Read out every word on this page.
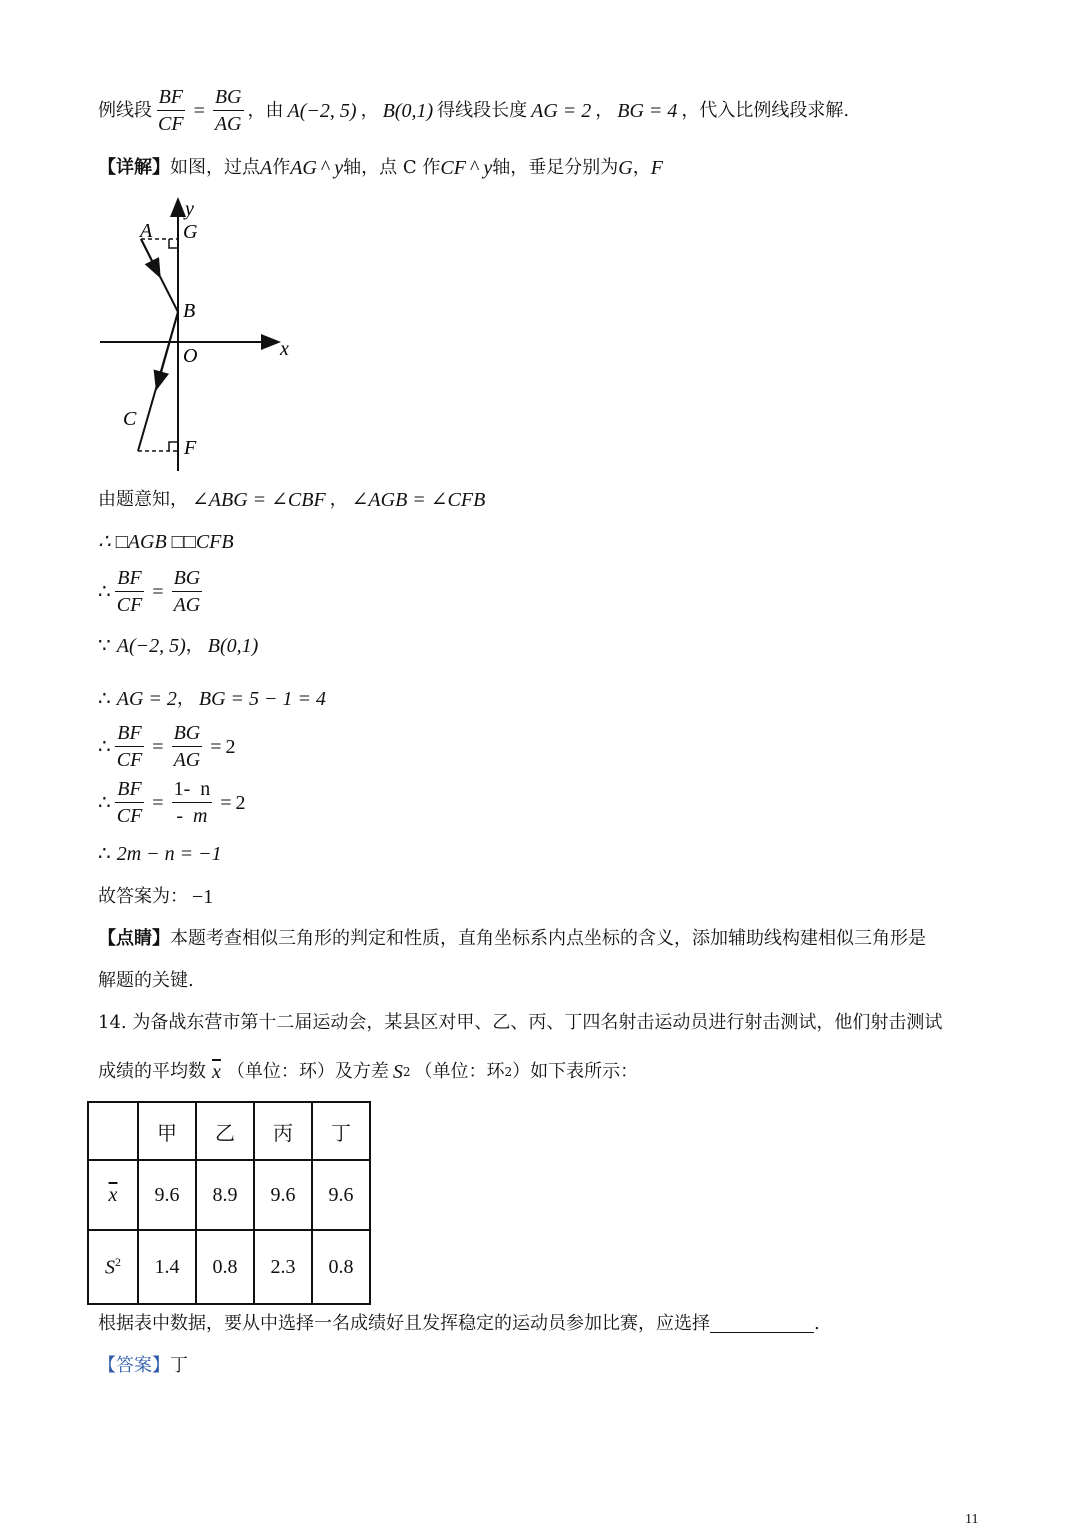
例线段 $\frac{BF}{CF} = \frac{BG}{AG}$ ，由 A(−2, 5) ， B(0,1) 得线段长度 AG = 2 ， BG = 4 ，代入比例线段求解.
【详解】 如图，过点 A 作 AG ^ y 轴，点 C 作 CF ^ y 轴，垂足分别为 G ， F
y
A G
B
x
O
C
F
由题意知， ∠ABG = ∠CBF ， ∠AGB = ∠CFB
∴ □AGB □□CFB
∴ $\frac{BF}{CF} = \frac{BG}{AG}$
∵ A(−2, 5) ， B(0,1)
∴ AG = 2 ， BG = 5 − 1 = 4
∴ $\frac{BF}{CF} = \frac{BG}{AG} = 2$
∴ $\frac{BF}{CF} = \frac{1- n}{- m} = 2$
∴ 2m − n = −1
故答案为： −1
【点睛】 本题考查相似三角形的判定和性质，直角坐标系内点坐标的含义，添加辅助线构建相似三角形是
解题的关键.
14. 为备战东营市第十二届运动会，某县区对甲、乙、丙、丁四名射击运动员进行射击测试，他们射击测试
成绩的平均数 $\overline{x}$ （单位：环）及方差 S 2 （单位：环 2 ）如下表所示：
	甲	乙	丙	丁
$\overline{x}$	9.6	8.9	9.6	9.6
$S^2$	1.4	0.8	2.3	0.8
根据表中数据，要从中选择一名成绩好且发挥稳定的运动员参加比赛，应选择	.
【答案】 丁
11
